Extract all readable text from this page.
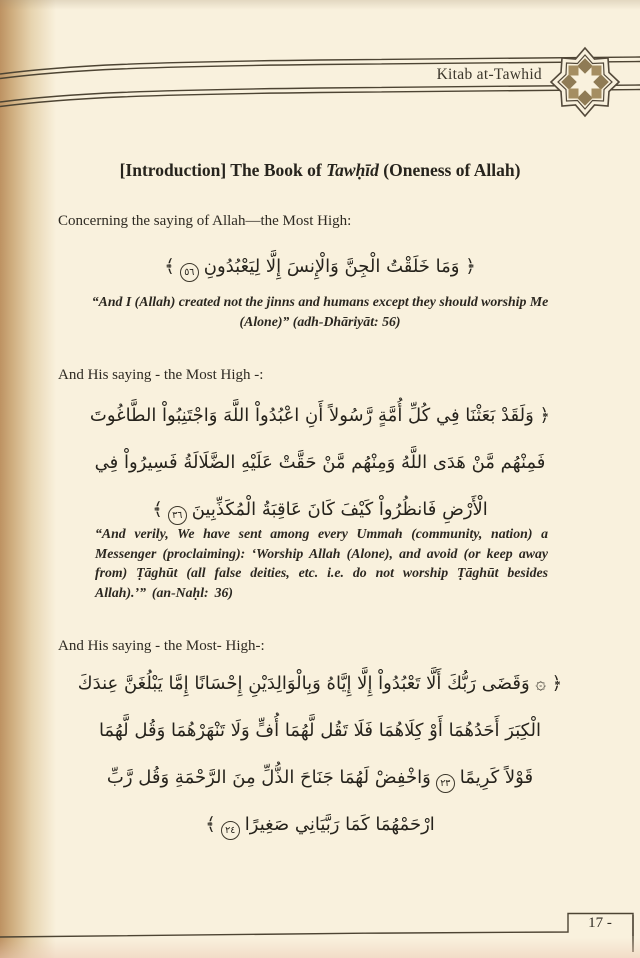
Kitab at-Tawhid
[Introduction] The Book of Tawḥīd (Oneness of Allah)
Concerning the saying of Allah—the Most High:
﴿ وَمَا خَلَقْتُ الْجِنَّ وَالْإِنسَ إِلَّا لِيَعْبُدُونِ٥٦﴾
“And I (Allah) created not the jinns and humans except they should worship Me (Alone)” (adh-Dhāriyāt: 56)
And His saying - the Most High -:
﴿ وَلَقَدْ بَعَثْنَا فِي كُلِّ أُمَّةٍ رَّسُولاً أَنِ اعْبُدُواْ اللَّهَ وَاجْتَنِبُواْ الطَّاغُوتَ
فَمِنْهُم مَّنْ هَدَى اللَّهُ وَمِنْهُم مَّنْ حَقَّتْ عَلَيْهِ الضَّلَالَةُ فَسِيرُواْ فِي
الْأَرْضِ فَانظُرُواْ كَيْفَ كَانَ عَاقِبَةُ الْمُكَذِّبِينَ٣٦﴾
“And verily, We have sent among every Ummah (community, nation) a Messenger (proclaiming): ‘Worship Allah (Alone), and avoid (or keep away from) Ṭāghūt (all false deities, etc. i.e. do not worship Ṭāghūt besides Allah).’” (an-Naḥl: 36)
And His saying - the Most- High-:
﴿ ۞ وَقَضَى رَبُّكَ أَلَّا تَعْبُدُواْ إِلَّا إِيَّاهُ وَبِالْوَالِدَيْنِ إِحْسَانًا إِمَّا يَبْلُغَنَّ عِندَكَ
الْكِبَرَ أَحَدُهُمَا أَوْ كِلَاهُمَا فَلَا تَقُل لَّهُمَا أُفٍّ وَلَا تَنْهَرْهُمَا وَقُل لَّهُمَا
قَوْلاً كَرِيمًا٢٣وَاخْفِضْ لَهُمَا جَنَاحَ الذُّلِّ مِنَ الرَّحْمَةِ وَقُل رَّبِّ
ارْحَمْهُمَا كَمَا رَبَّيَانِي صَغِيرًا٢٤﴾
17 -
